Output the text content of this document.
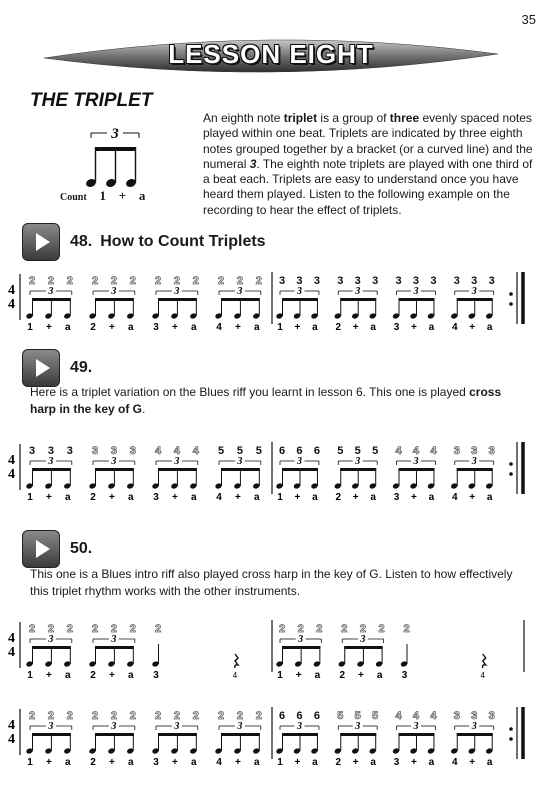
35
LESSON EIGHT
THE TRIPLET
3
Count 1 + a
An eighth note triplet is a group of three evenly spaced notes played within one beat. Triplets are indicated by three eighth notes grouped together by a bracket (or a curved line) and the numeral 3. The eighth note triplets are played with one third of a beat each. Triplets are easy to understand once you have heard them played. Listen to the following example on the recording to hear the effect of triplets.
48. How to Count Triplets
49.
Here is a triplet variation on the Blues riff you learnt in lesson 6. This one is played cross harp in the key of G.
50.
This one is a Blues intro riff also played cross harp in the key of G. Listen to how effectively this triplet rhythm works with the other instruments.
4
4
2 2 2
3
1 + a
2 2 2
3
2 + a
2 2 2
3
3 + a
2 2 2
3
4 + a
3 3 3
3
1 + a
3 3 3
3
2 + a
3 3 3
3
3 + a
3 3 3
3
4 + a
4
4
3 3 3
3
1 + a
3 3 3
3
2 + a
4 4 4
3
3 + a
5 5 5
3
4 + a
6 6 6
3
1 + a
5 5 5
3
2 + a
4 4 4
3
3 + a
3 3 3
3
4 + a
4
4
2 2 2
3
1 + a
2 2 2
3
2 + a
2
3	4
2 2 2
3
1 + a
2 2 2
3
2 + a
2
3	4
4
4
2 2 2
3
1 + a
2 2 2
3
2 + a
2 2 2
3
3 + a
2 2 2
3
4 + a
6 6 6
3
1 + a
5 5 5
3
2 + a
4 4 4
3
3 + a
3 3 3
3
4 + a
